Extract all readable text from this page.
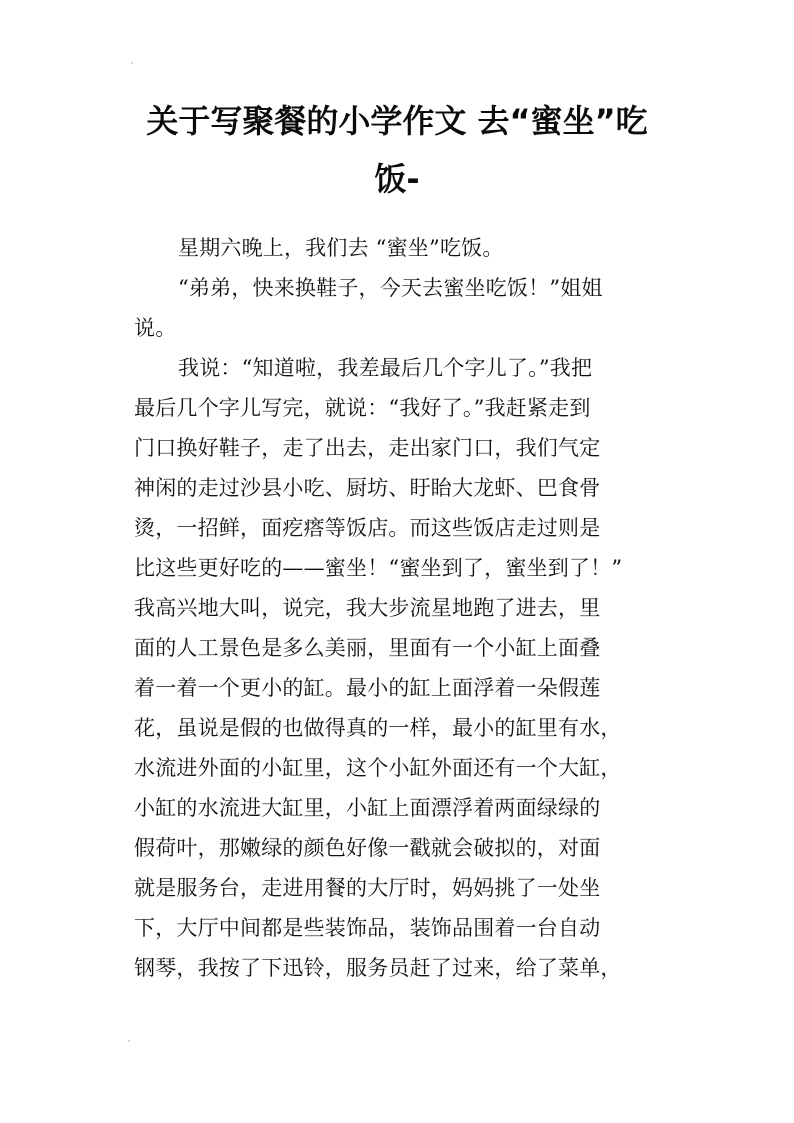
关于写聚餐的小学作文 去“蜜坐”吃
饭-
星期六晚上，我们去 “蜜坐”吃饭。
“弟弟，快来换鞋子，今天去蜜坐吃饭！”姐姐
说。
我说：“知道啦，我差最后几个字儿了。”我把
最后几个字儿写完，就说：“我好了。”我赶紧走到
门口换好鞋子，走了出去，走出家门口，我们气定
神闲的走过沙县小吃、厨坊、盱眙大龙虾、巴食骨
烫，一招鲜，面疙瘩等饭店。而这些饭店走过则是
比这些更好吃的——蜜坐！“蜜坐到了，蜜坐到了！”
我高兴地大叫，说完，我大步流星地跑了进去，里
面的人工景色是多么美丽，里面有一个小缸上面叠
着一着一个更小的缸。最小的缸上面浮着一朵假莲
花，虽说是假的也做得真的一样，最小的缸里有水，
水流进外面的小缸里，这个小缸外面还有一个大缸，
小缸的水流进大缸里，小缸上面漂浮着两面绿绿的
假荷叶，那嫩绿的颜色好像一戳就会破拟的，对面
就是服务台，走进用餐的大厅时，妈妈挑了一处坐
下，大厅中间都是些装饰品，装饰品围着一台自动
钢琴，我按了下迅铃，服务员赶了过来，给了菜单，
